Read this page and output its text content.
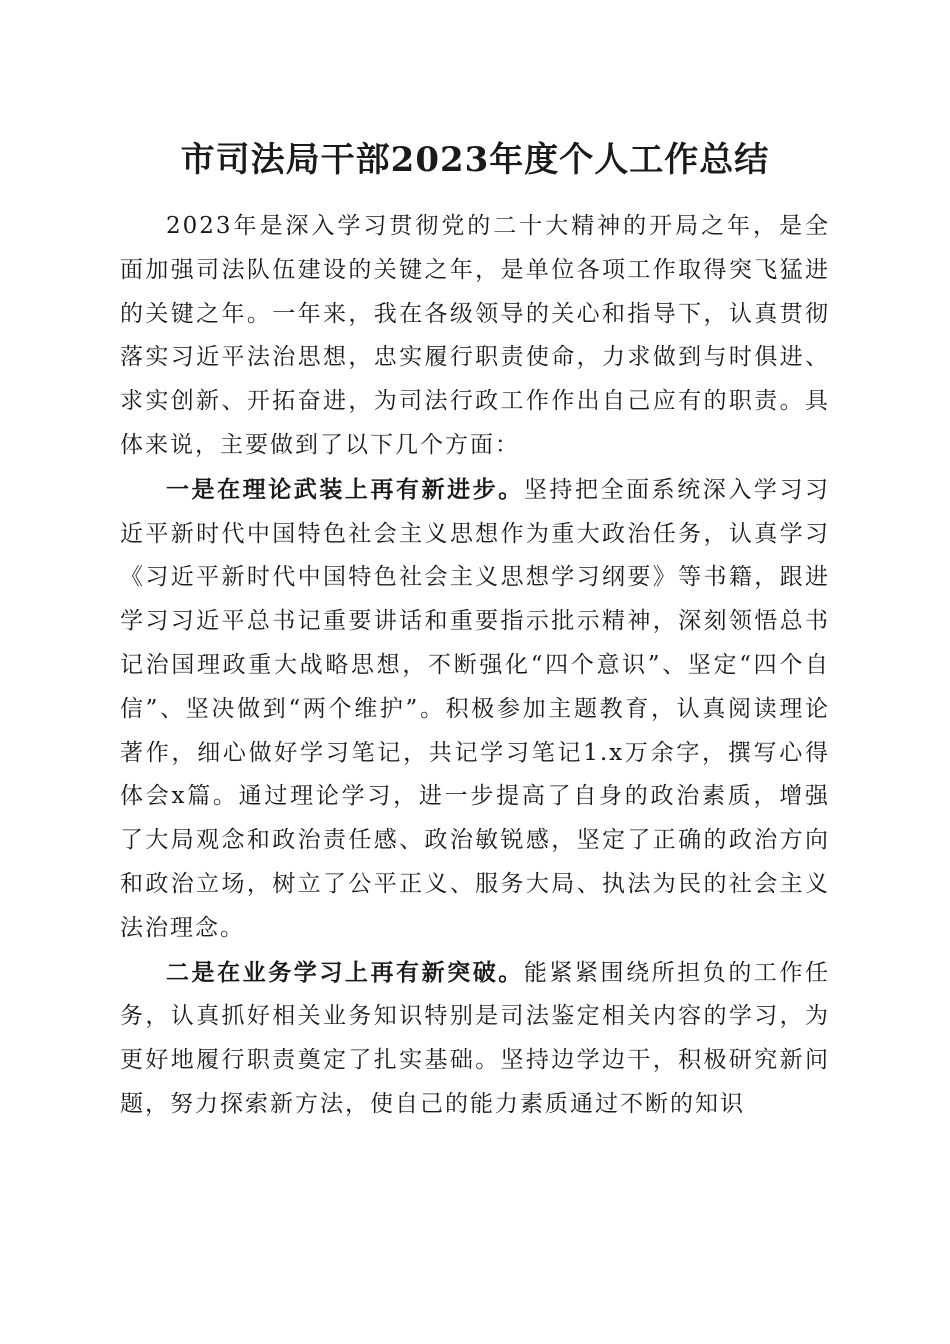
市司法局干部2023年度个人工作总结

2023年是深入学习贯彻党的二十大精神的开局之年，是全面加强司法队伍建设的关键之年，是单位各项工作取得突飞猛进的关键之年。一年来，我在各级领导的关心和指导下，认真贯彻落实习近平法治思想，忠实履行职责使命，力求做到与时俱进、求实创新、开拓奋进，为司法行政工作作出自己应有的职责。具体来说，主要做到了以下几个方面：

一是在理论武装上再有新进步。坚持把全面系统深入学习习近平新时代中国特色社会主义思想作为重大政治任务，认真学习《习近平新时代中国特色社会主义思想学习纲要》等书籍，跟进学习习近平总书记重要讲话和重要指示批示精神，深刻领悟总书记治国理政重大战略思想，不断强化“四个意识”、坚定“四个自信”、坚决做到“两个维护”。积极参加主题教育，认真阅读理论著作，细心做好学习笔记，共记学习笔记1.x万余字，撰写心得体会x篇。通过理论学习，进一步提高了自身的政治素质，增强了大局观念和政治责任感、政治敏锐感，坚定了正确的政治方向和政治立场，树立了公平正义、服务大局、执法为民的社会主义法治理念。

二是在业务学习上再有新突破。能紧紧围绕所担负的工作任务，认真抓好相关业务知识特别是司法鉴定相关内容的学习，为更好地履行职责奠定了扎实基础。坚持边学边干，积极研究新问题，努力探索新方法，使自己的能力素质通过不断的知识
